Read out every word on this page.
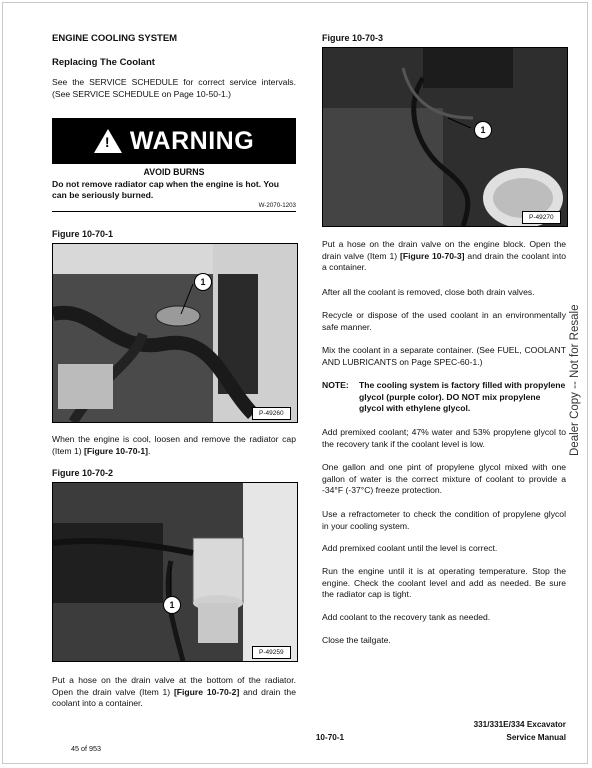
ENGINE COOLING SYSTEM
Replacing The Coolant

See the SERVICE SCHEDULE for correct service intervals. (See SERVICE SCHEDULE on Page 10-50-1.)

! WARNING
AVOID BURNS
Do not remove radiator cap when the engine is hot. You can be seriously burned.
W-2070-1203
Figure 10-70-1
1
P-49260

When the engine is cool, loosen and remove the radiator cap (Item 1) [Figure 10-70-1].

Figure 10-70-2
1
P-49259

Put a hose on the drain valve at the bottom of the radiator. Open the drain valve (Item 1) [Figure 10-70-2] and drain the coolant into a container.

Figure 10-70-3
1
P-49270

Put a hose on the drain valve on the engine block. Open the drain valve (Item 1) [Figure 10-70-3] and drain the coolant into a container.

After all the coolant is removed, close both drain valves.

Recycle or dispose of the used coolant in an environmentally safe manner.

Mix the coolant in a separate container. (See FUEL, COOLANT AND LUBRICANTS on Page SPEC-60-1.)

NOTE: The cooling system is factory filled with propylene glycol (purple color). DO NOT mix propylene glycol with ethylene glycol.

Add premixed coolant; 47% water and 53% propylene glycol to the recovery tank if the coolant level is low.

One gallon and one pint of propylene glycol mixed with one gallon of water is the correct mixture of coolant to provide a -34°F (-37°C) freeze protection.

Use a refractometer to check the condition of propylene glycol in your cooling system.

Add premixed coolant until the level is correct.

Run the engine until it is at operating temperature. Stop the engine. Check the coolant level and add as needed. Be sure the radiator cap is tight.

Add coolant to the recovery tank as needed.

Close the tailgate.

Dealer Copy -- Not for Resale
331/331E/334 Excavator
Service Manual
10-70-1
45 of 953
